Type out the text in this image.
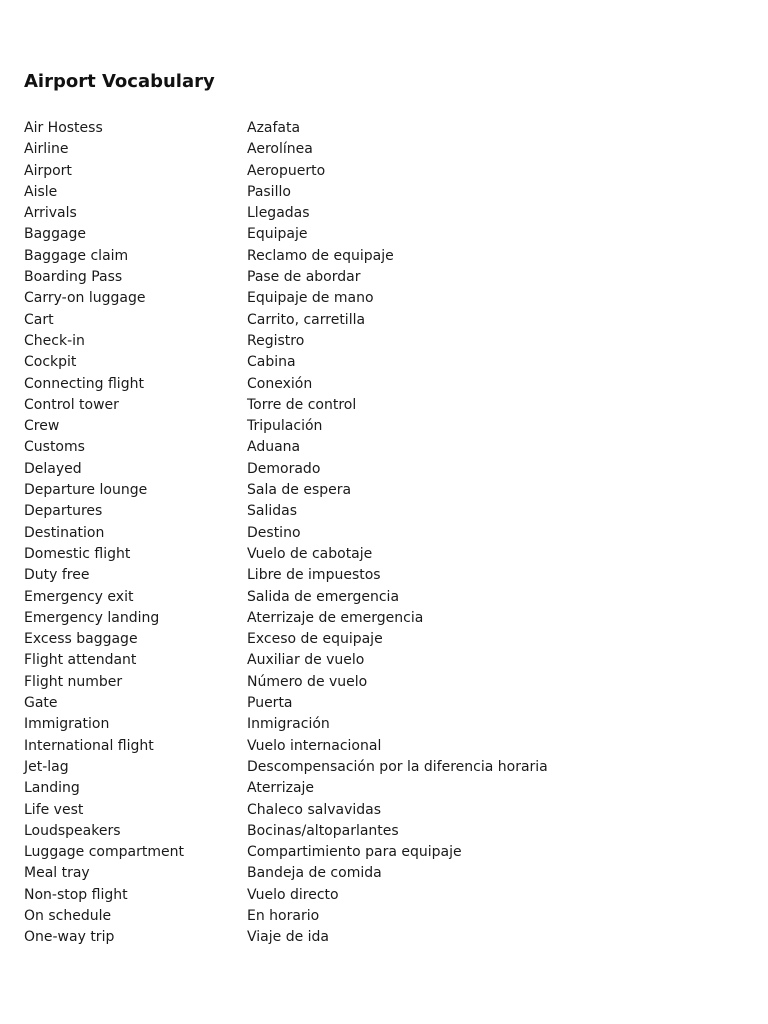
Airport Vocabulary
Air Hostess	Azafata
Airline	Aerolínea
Airport	Aeropuerto
Aisle	Pasillo
Arrivals	Llegadas
Baggage	Equipaje
Baggage claim	Reclamo de equipaje
Boarding Pass	Pase de abordar
Carry-on luggage	Equipaje de mano
Cart	Carrito, carretilla
Check-in	Registro
Cockpit	Cabina
Connecting flight	Conexión
Control tower	Torre de control
Crew	Tripulación
Customs	Aduana
Delayed	Demorado
Departure lounge	Sala de espera
Departures	Salidas
Destination	Destino
Domestic flight	Vuelo de cabotaje
Duty free	Libre de impuestos
Emergency exit	Salida de emergencia
Emergency landing	Aterrizaje de emergencia
Excess baggage	Exceso de equipaje
Flight attendant	Auxiliar de vuelo
Flight number	Número de vuelo
Gate	Puerta
Immigration	Inmigración
International flight	Vuelo internacional
Jet-lag	Descompensación por la diferencia horaria
Landing	Aterrizaje
Life vest	Chaleco salvavidas
Loudspeakers	Bocinas/altoparlantes
Luggage compartment	Compartimiento para equipaje
Meal tray	Bandeja de comida
Non-stop flight	Vuelo directo
On schedule	En horario
One-way trip	Viaje de ida
